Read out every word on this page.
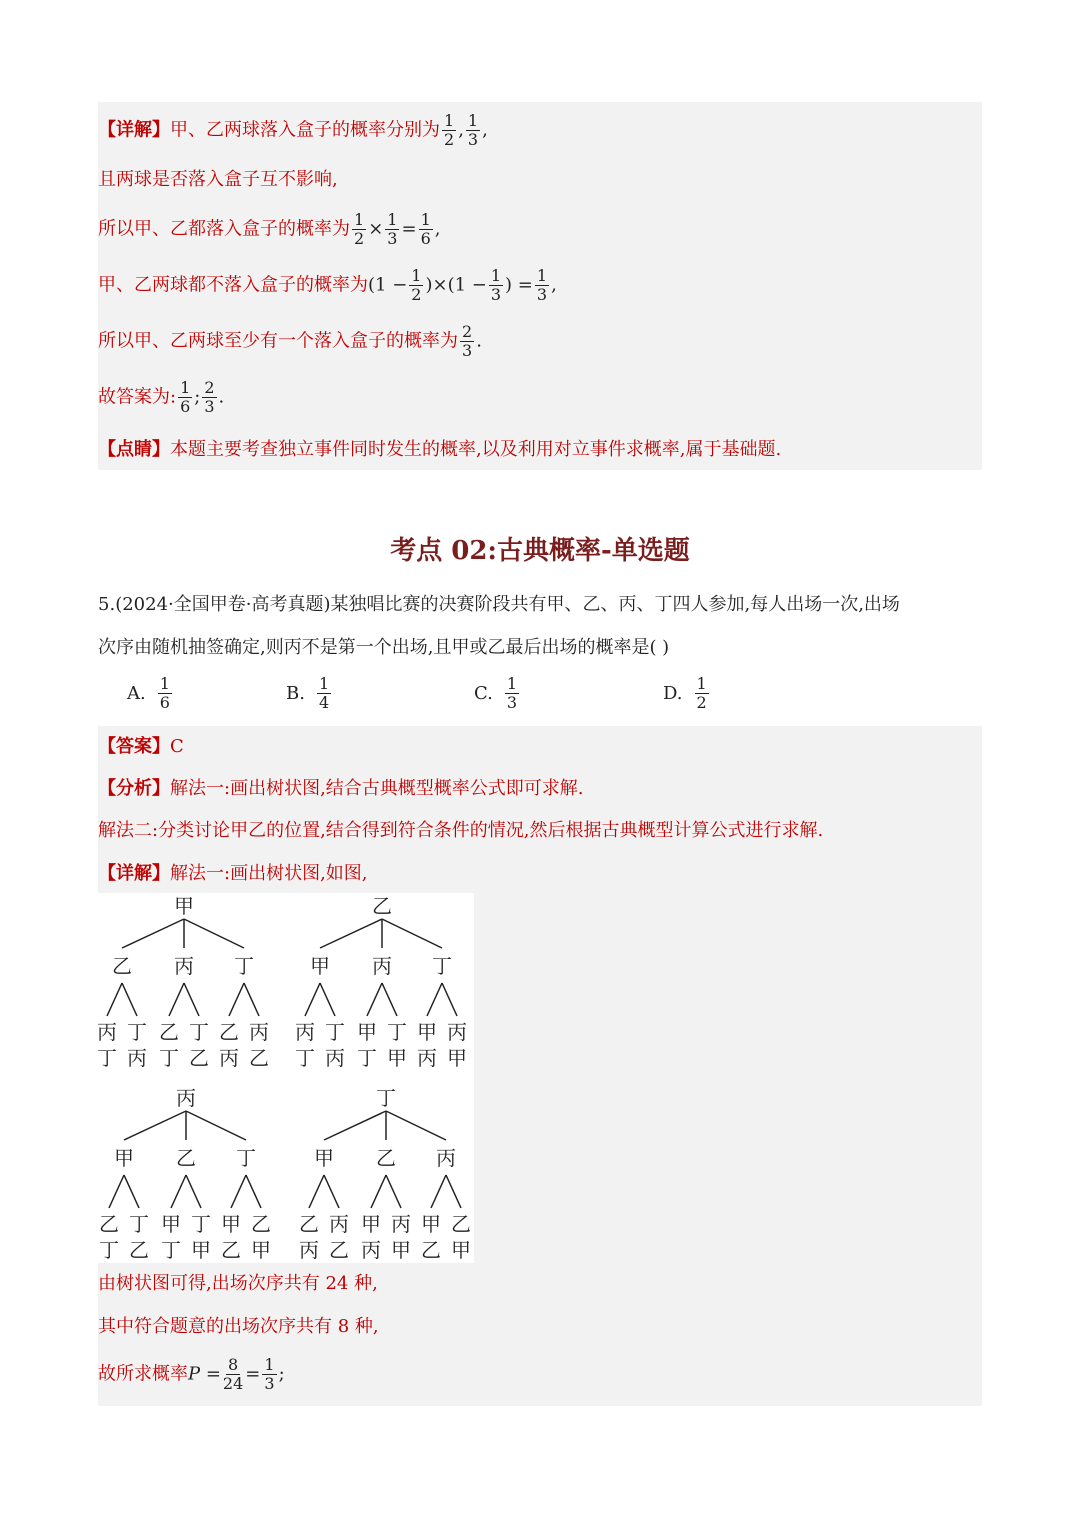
【详解】甲、乙两球落入盒子的概率分别为 $\frac{1}{2}$ , $\frac{1}{3}$ ,
且两球是否落入盒子互不影响,
所以甲、乙都落入盒子的概率为 $\frac{1}{2} \times \frac{1}{3} = \frac{1}{6}$ ,
甲、乙两球都不落入盒子的概率为$(1 - \frac{1}{2} )\times(1 - \frac{1}{3}$ ) = $\frac{1}{3}$ ,
所以甲、乙两球至少有一个落入盒子的概率为 $\frac{2}{3}$ .
故答案为: $\frac{1}{6}$ ; $\frac{2}{3}$ .
【点睛】本题主要考查独立事件同时发生的概率,以及利用对立事件求概率,属于基础题.
考点 02:古典概率-单选题
5.(2024·全国甲卷·高考真题)某独唱比赛的决赛阶段共有甲、乙、丙、丁四人参加,每人出场一次,出场
次序由随机抽签确定,则丙不是第一个出场,且甲或乙最后出场的概率是( )
A. $\frac{1}{6}$	B. $\frac{1}{4}$	C. $\frac{1}{3}$	D. $\frac{1}{2}$
【答案】C
【分析】解法一:画出树状图,结合古典概型概率公式即可求解.
解法二:分类讨论甲乙的位置,结合得到符合条件的情况,然后根据古典概型计算公式进行求解.
【详解】解法一:画出树状图,如图,
甲
乙
丙
丁
丁
丙
丙
乙
丁
丁
乙
丁
乙
丙
丙
乙
乙
甲
丙
丁
丁
丙
丙
甲
丁
丁
甲
丁
甲
丙
丙
甲
丙
甲
乙
丁
丁
乙
乙
甲
丁
丁
甲
丁
甲
乙
乙
甲
丁
甲
乙
丙
丙
乙
乙
甲
丙
丙
甲
丙
甲
乙
乙
甲
由树状图可得,出场次序共有 24 种,
其中符合题意的出场次序共有 8 种,
故所求概率$P = \frac{8}{24} = \frac{1}{3}$ ;
